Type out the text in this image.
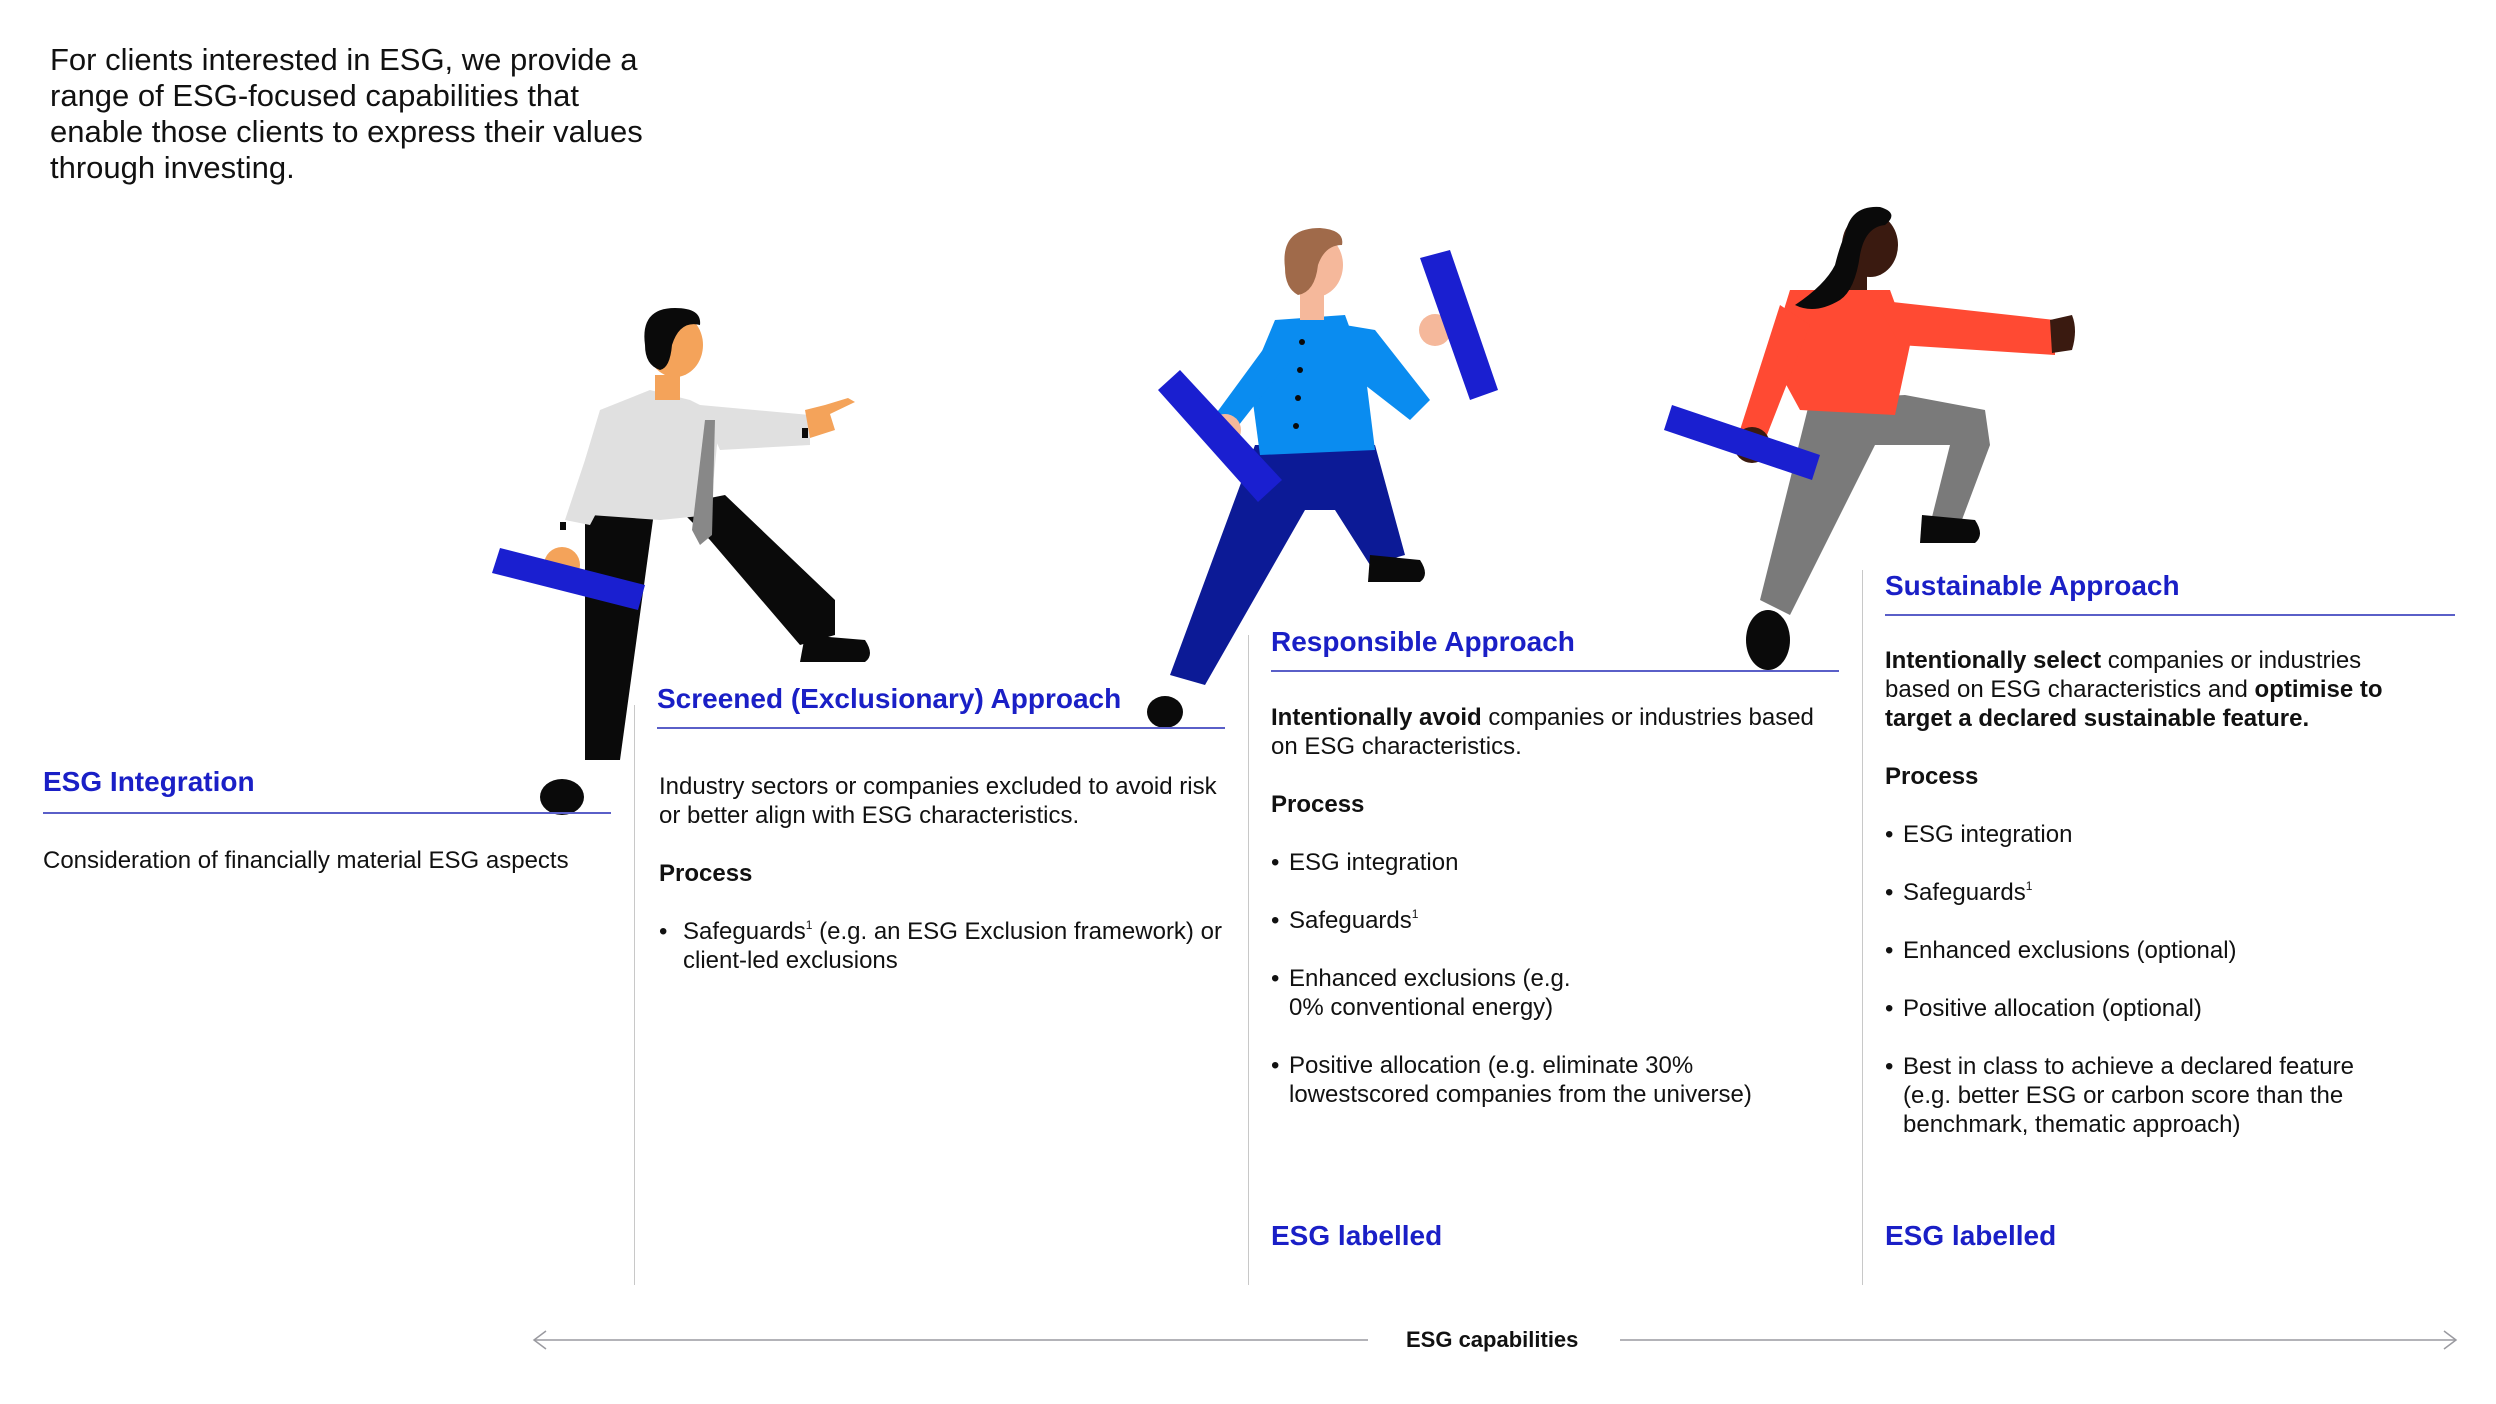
For clients interested in ESG, we provide a range of ESG-focused capabilities that enable those clients to express their values through investing.
ESG Integration
Consideration of financially material ESG aspects
Screened (Exclusionary) Approach

Industry sectors or companies excluded to avoid risk or better align with ESG characteristics.

Process

• Safeguards$^1$ (e.g. an ESG Exclusion framework) or client-led exclusions
Responsible Approach

Intentionally avoid companies or industries based on ESG characteristics.

Process

• ESG integration
• Safeguards$^1$
• Enhanced exclusions (e.g. 0% conventional energy)
• Positive allocation (e.g. eliminate 30% lowestscored companies from the universe)
ESG labelled
Sustainable Approach

Intentionally select companies or industries based on ESG characteristics and optimise to target a declared sustainable feature.

Process

• ESG integration
• Safeguards$^1$
• Enhanced exclusions (optional)
• Positive allocation (optional)
• Best in class to achieve a declared feature (e.g. better ESG or carbon score than the benchmark, thematic approach)
ESG labelled
ESG capabilities
